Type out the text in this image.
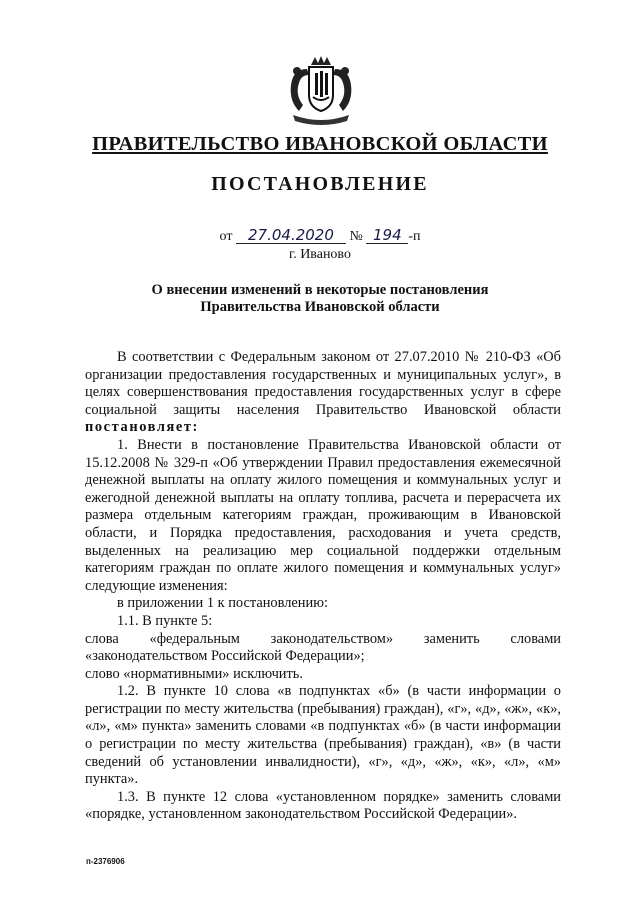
ПРАВИТЕЛЬСТВО ИВАНОВСКОЙ ОБЛАСТИ
ПОСТАНОВЛЕНИЕ
от 27.04.2020 № 194 -п
г. Иваново
О внесении изменений в некоторые постановления
Правительства Ивановской области

В соответствии с Федеральным законом от 27.07.2010 № 210-ФЗ «Об организации предоставления государственных и муниципальных услуг», в целях совершенствования предоставления государственных услуг в сфере социальной защиты населения Правительство Ивановской области постановляет:

1. Внести в постановление Правительства Ивановской области от 15.12.2008 № 329-п «Об утверждении Правил предоставления ежемесячной денежной выплаты на оплату жилого помещения и коммунальных услуг и ежегодной денежной выплаты на оплату топлива, расчета и перерасчета их размера отдельным категориям граждан, проживающим в Ивановской области, и Порядка предоставления, расходования и учета средств, выделенных на реализацию мер социальной поддержки отдельным категориям граждан по оплате жилого помещения и коммунальных услуг» следующие изменения:

в приложении 1 к постановлению:

1.1. В пункте 5:

слова «федеральным законодательством» заменить словами «законодательством Российской Федерации»;

слово «нормативными» исключить.

1.2. В пункте 10 слова «в подпунктах «б» (в части информации о регистрации по месту жительства (пребывания) граждан), «г», «д», «ж», «к», «л», «м» пункта» заменить словами «в подпунктах «б» (в части информации о регистрации по месту жительства (пребывания) граждан), «в» (в части сведений об установлении инвалидности), «г», «д», «ж», «к», «л», «м» пункта».

1.3. В пункте 12 слова «установленном порядке» заменить словами «порядке, установленном законодательством Российской Федерации».

п-2376906
